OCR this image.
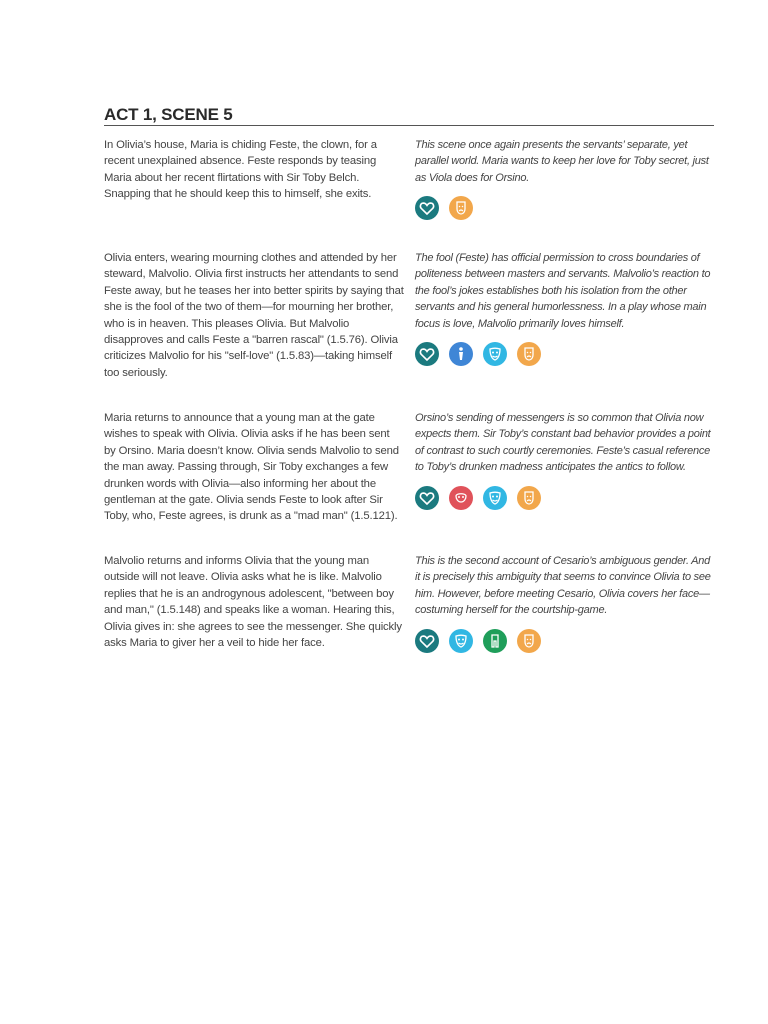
ACT 1, SCENE 5
In Olivia’s house, Maria is chiding Feste, the clown, for a recent unexplained absence. Feste responds by teasing Maria about her recent flirtations with Sir Toby Belch. Snapping that he should keep this to himself, she exits.
This scene once again presents the servants’ separate, yet parallel world. Maria wants to keep her love for Toby secret, just as Viola does for Orsino.
Olivia enters, wearing mourning clothes and attended by her steward, Malvolio. Olivia first instructs her attendants to send Feste away, but he teases her into better spirits by saying that she is the fool of the two of them—for mourning her brother, who is in heaven. This pleases Olivia. But Malvolio disapproves and calls Feste a "barren rascal" (1.5.76). Olivia criticizes Malvolio for his "self-love" (1.5.83)—taking himself too seriously.
The fool (Feste) has official permission to cross boundaries of politeness between masters and servants. Malvolio’s reaction to the fool’s jokes establishes both his isolation from the other servants and his general humorlessness. In a play whose main focus is love, Malvolio primarily loves himself.
Maria returns to announce that a young man at the gate wishes to speak with Olivia. Olivia asks if he has been sent by Orsino. Maria doesn’t know. Olivia sends Malvolio to send the man away. Passing through, Sir Toby exchanges a few drunken words with Olivia—also informing her about the gentleman at the gate. Olivia sends Feste to look after Sir Toby, who, Feste agrees, is drunk as a "mad man" (1.5.121).
Orsino’s sending of messengers is so common that Olivia now expects them. Sir Toby’s constant bad behavior provides a point of contrast to such courtly ceremonies. Feste’s casual reference to Toby’s drunken madness anticipates the antics to follow.
Malvolio returns and informs Olivia that the young man outside will not leave. Olivia asks what he is like. Malvolio replies that he is an androgynous adolescent, "between boy and man," (1.5.148) and speaks like a woman. Hearing this, Olivia gives in: she agrees to see the messenger. She quickly asks Maria to giver her a veil to hide her face.
This is the second account of Cesario’s ambiguous gender. And it is precisely this ambiguity that seems to convince Olivia to see him. However, before meeting Cesario, Olivia covers her face—costuming herself for the courtship-game.
